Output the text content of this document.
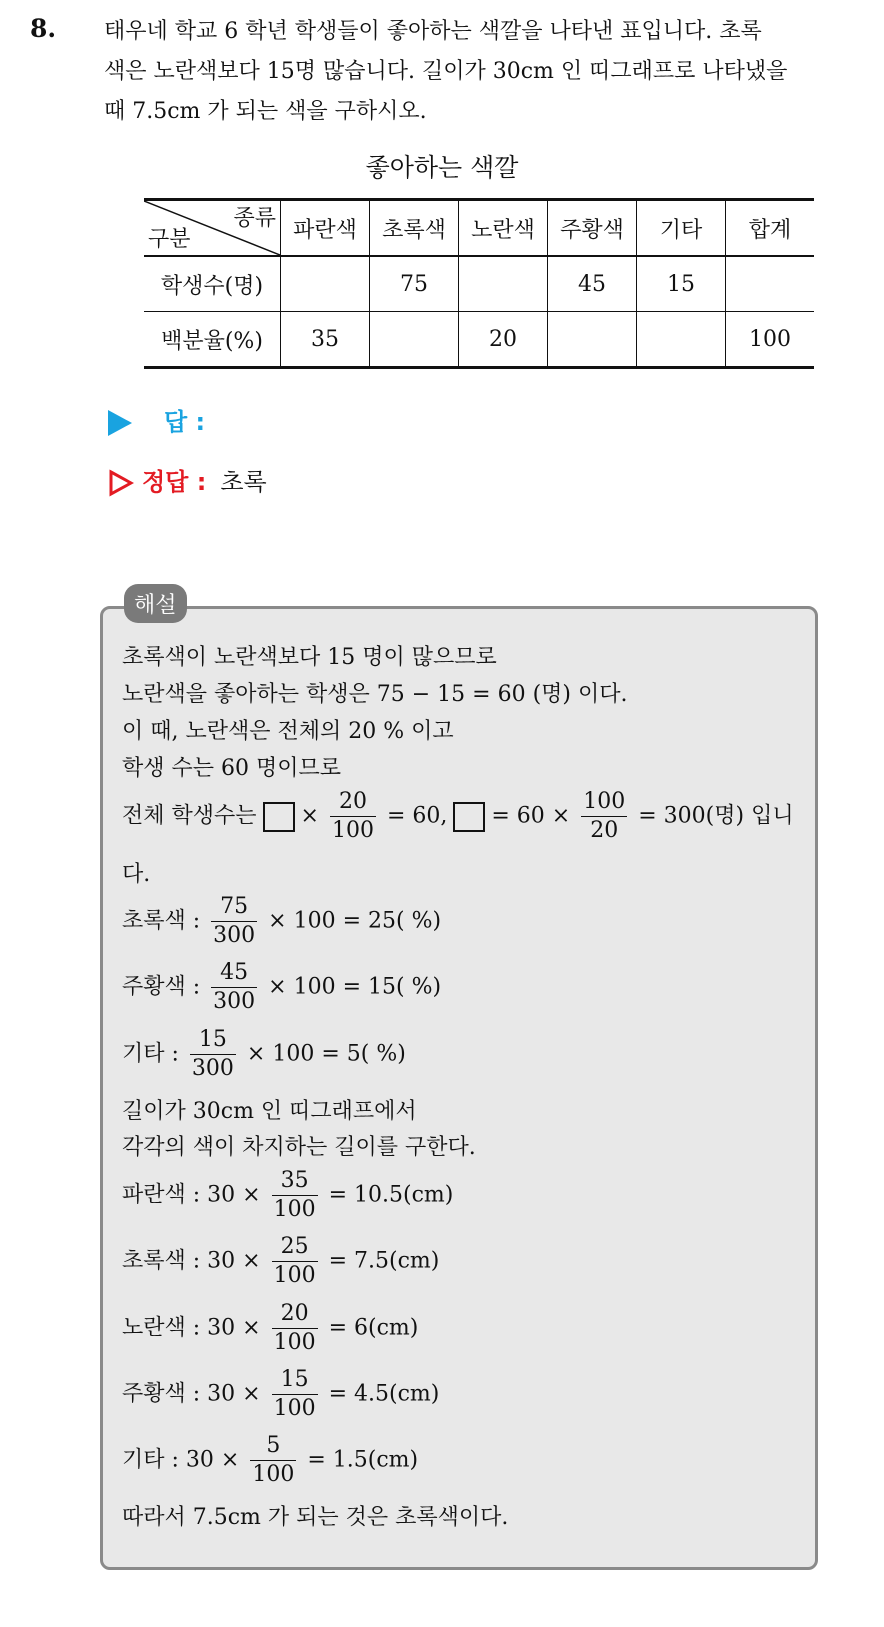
8. 태우네 학교 6 학년 학생들이 좋아하는 색깔을 나타낸 표입니다. 초록
색은 노란색보다 15명 많습니다. 길이가 30cm 인 띠그래프로 나타냈을
때 7.5cm 가 되는 색을 구하시오.
좋아하는 색깔
종류
구분	파란색	초록색	노란색	주황색	기타	합계
학생수(명)		75		45	15	
백분율(%)	35		20			100
답 :
정답 : 초록
해설
초록색이 노란색보다 15 명이 많으므로
노란색을 좋아하는 학생은 75 − 15 = 60 (명) 이다.
이 때, 노란색은 전체의 20 % 이고
학생 수는 60 명이므로
전체 학생수는 × $\frac{20}{100} = 60$, = $60 \times \frac{100}{20} = 300$(명) 입니
다.
초록색 : $\frac{75}{300} \times 100 = 25$( %)
주황색 : $\frac{45}{300} \times 100 = 15$( %)
기타 : $\frac{15}{300} \times 100 = 5$( %)
길이가 30cm 인 띠그래프에서
각각의 색이 차지하는 길이를 구한다.
파란색 : $30 \times \frac{35}{100} = 10.5(cm)$
초록색 : $30 \times \frac{25}{100} = 7.5(cm)$
노란색 : $30 \times \frac{20}{100} = 6(cm)$
주황색 : $30 \times \frac{15}{100} = 4.5(cm)$
기타 : $30 \times \frac{5}{100} = 1.5(cm)$
따라서 7.5cm 가 되는 것은 초록색이다.
